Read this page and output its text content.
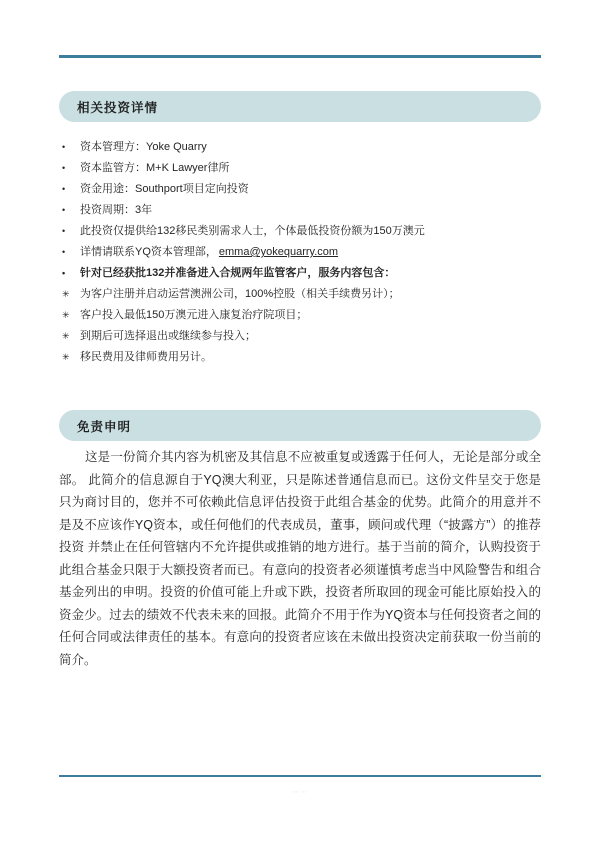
相关投资详情
•	资本管理方：Yoke Quarry
•	资本监管方：M+K Lawyer律所
•	资金用途：Southport项目定向投资
•	投资周期：3年
•	此投资仅提供给132移民类别需求人士，个体最低投资份额为150万澳元
•	详情请联系YQ资本管理部， emma@yokequarry.com
•	针对已经获批132并准备进入合规两年监管客户，服务内容包含：
✳ 为客户注册并启动运营澳洲公司，100%控股（相关手续费另计）；
✳ 客户投入最低150万澳元进入康复治疗院项目；
✳ 到期后可选择退出或继续参与投入；
✳ 移民费用及律师费用另计。
免责申明

这是一份简介其内容为机密及其信息不应被重复或透露于任何人，无论是部分或全部。 此简介的信息源自于YQ澳大利亚，只是陈述普通信息而已。这份文件呈交于您是只为商讨目的，您并不可依赖此信息评估投资于此组合基金的优势。此简介的用意并不是及不应该作YQ资本，或任何他们的代表成员，董事，顾问或代理（“披露方”）的推荐投资 并禁止在任何管辖内不允许提供或推销的地方进行。基于当前的简介，认购投资于此组合基金只限于大额投资者而已。有意向的投资者必须谨慎考虑当中风险警告和组合基金列出的申明。投资的价值可能上升或下跌，投资者所取回的现金可能比原始投入的资金少。过去的绩效不代表未来的回报。此简介不用于作为YQ资本与任何投资者之间的任何合同或法律责任的基本。有意向的投资者应该在未做出投资决定前获取一份当前的简介。

⋯⋯
